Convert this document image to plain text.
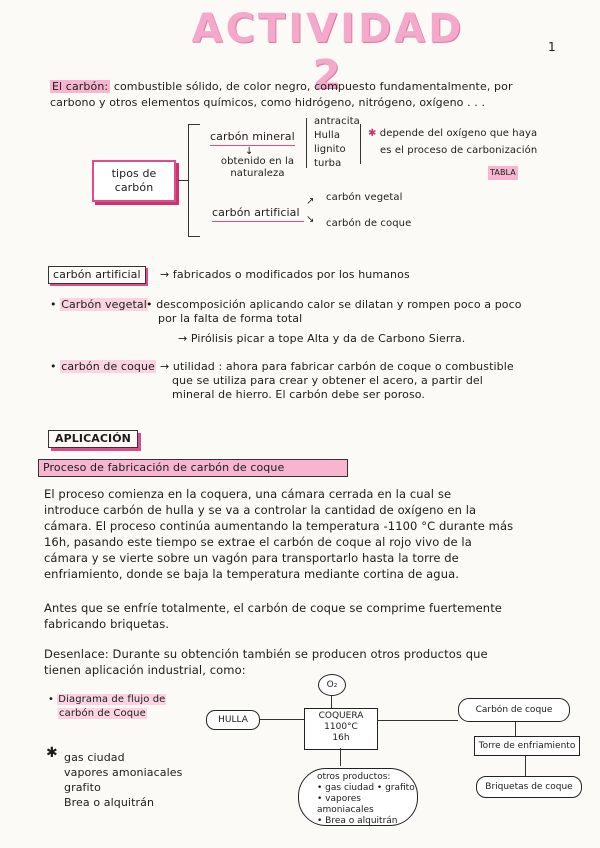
ACTIVIDAD 2
1
El carbón: combustible sólido, de color negro, compuesto fundamentalmente, por
carbono y otros elementos químicos, como hidrógeno, nitrógeno, oxígeno . . .
tipos de
carbón
carbón mineral
↓
obtenido en la naturaleza
antracita
Hulla
lignito
turba
✱ depende del oxígeno que haya
es el proceso de carbonización
TABLA
carbón artificial
↗
↘
carbón vegetal
carbón de coque
carbón artificial	→ fabricados o modificados por los humanos
• Carbón vegetal • descomposición aplicando calor se dilatan y rompen poco a poco
por la falta de forma total
→ Pirólisis picar a tope Alta y da de Carbono Sierra.
• carbón de coque → utilidad : ahora para fabricar carbón de coque o combustible
que se utiliza para crear y obtener el acero, a partir del
mineral de hierro. El carbón debe ser poroso.
APLICACIÓN
Proceso de fabricación de carbón de coque
El proceso comienza en la coquera, una cámara cerrada en la cual se
introduce carbón de hulla y se va a controlar la cantidad de oxígeno en la
cámara. El proceso continúa aumentando la temperatura -1100 °C durante más
16h, pasando este tiempo se extrae el carbón de coque al rojo vivo de la
cámara y se vierte sobre un vagón para transportarlo hasta la torre de
enfriamiento, donde se baja la temperatura mediante cortina de agua.
Antes que se enfríe totalmente, el carbón de coque se comprime fuertemente
fabricando briquetas.
Desenlace: Durante su obtención también se producen otros productos que
tienen aplicación industrial, como:
• Diagrama de flujo de
carbón de Coque
O₂
HULLA	COQUERA
1100°C
16h
Carbón de coque
Torre de enfriamiento
Briquetas de coque
otros productos:
• gas ciudad • grafito
• vapores amoniacales
• Brea o alquitrán
✱ gas ciudad
vapores amoniacales
grafito
Brea o alquitrán
